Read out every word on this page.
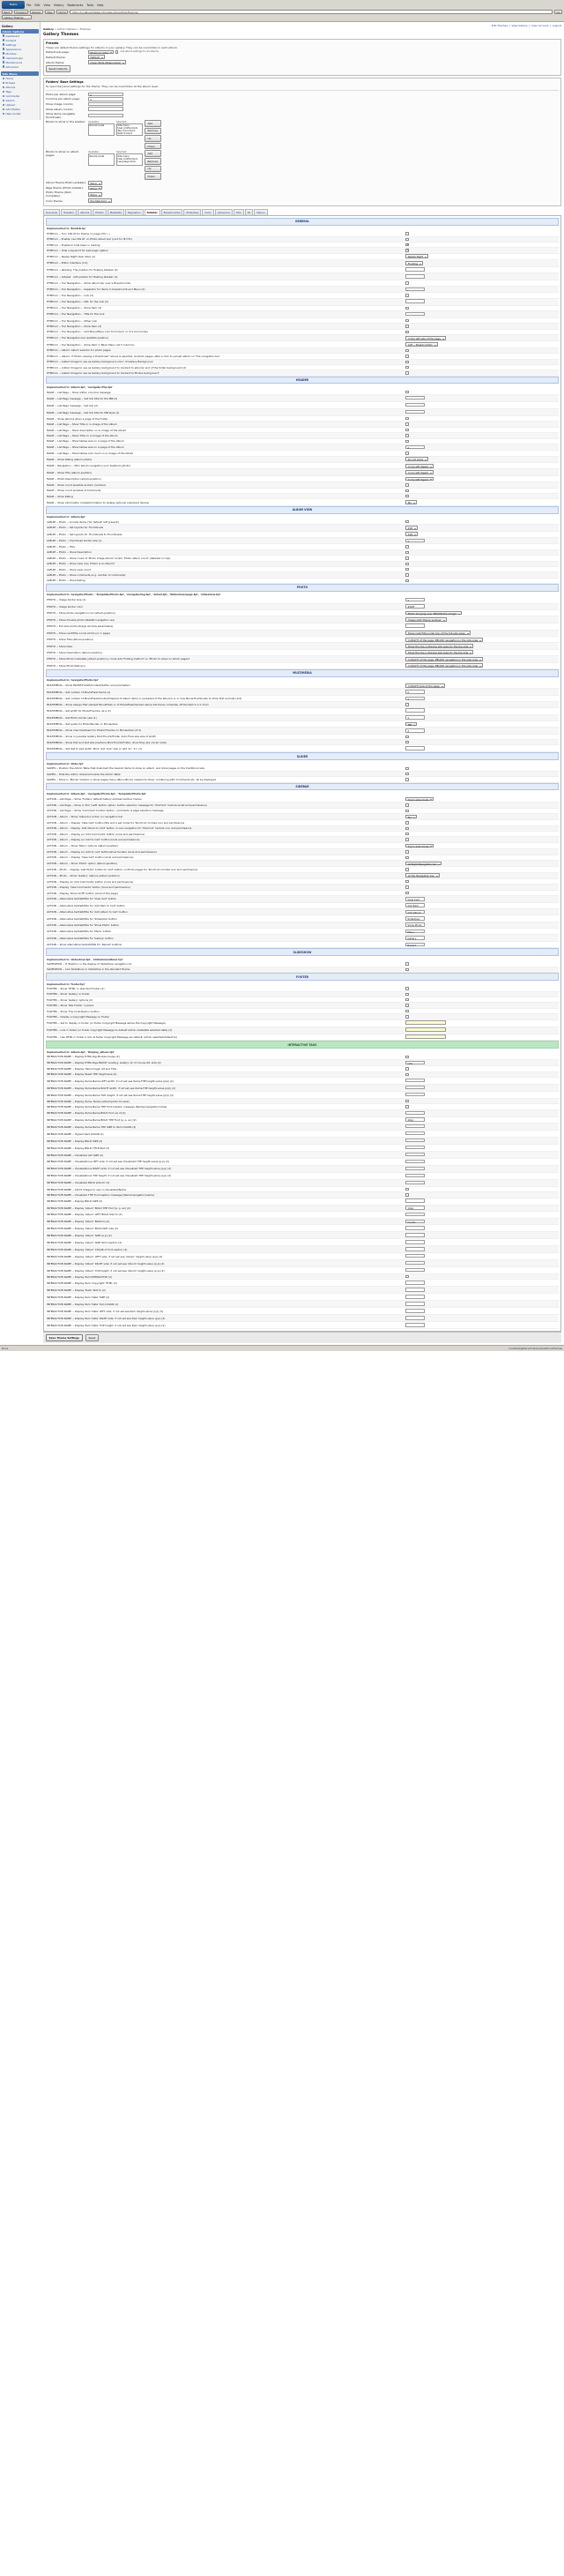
Firefox	File Edit View History Bookmarks Tools Help
Back	Forward	Reload	Stop	Home	http://localhost/gallery3/index.php/admin/themes	Go
Gallery Themes
Gallery
Admin Options
Dashboard
Content
Settings
Appearance
Modules
Users/Groups
Maintenance
Advanced
Site Menu
Home
Browse
Albums
Tags
Comments
Search
Upload
Add Photos
Help Center
Edit Themes  |  View Gallery  |  User Account  |  Logout
Gallery » Admin Options » Themes
Gallery Themes
Presets
These are default theme settings for albums in your gallery. They can be overridden in each album.
Default sub-page:	Photo (or side)	Use album settings for all albums
Default theme:	Default
Album theme:	Clean Wide (Responsive)
Reset Defaults
Folders' Base Settings
To open the panel settings for the theme. They can be overridden at the album level.
Photo per album page:	9
Columns per album page:	3
Show image column:
Show album column:
Show items navigable thumbnails:
Blocks to show in the sidebar:	Available:
Recent posts
Selected:
Site menu
User profile block
Tag cloud block
Search block
Add
Remove
Up
Down
Blocks to show on album pages:
Available:
Recent posts
Selected:
Site menu
User profile block
Language block
Add
Remove
Up
Down
Album Theme Photo (sidebar):	None
Page theme (Photo sidebar):	None
Photo Theme (Item Complete):	None
Color theme:	Pre-Standard
Overview	Headers	Albums	Photos	Metadata	Pagination	Sidebar	Breadcrumbs	Slideshow	Color	Advanced	Title	Alt	Menus
GENERAL
Implemented in 'Bootstrap'
HTMfrom -- Turn CSS ID for theme on page (HI) (..)	
HTMfrom -- Enable 'css CSS ID' on Photo Album bar (cont for IE CTL)	
HTMfrom -- Enable to hide basic in loading	✔
HTMfrom -- Hide a keyword for web page caption	✔
HTMfrom -- Resize Right (Sep ratio) (2)	Resize Right
HTMfrom -- Editor Interface (3.2)	Floating
HTMfrom -- Padding: The position for floating Sidebar (2)	
HTMfrom -- Sidebar - left position for floating Sidebar (2)	
HTMfrom -- Tier Navigation -- Show album bar over a Breadcrumbs	
HTMfrom -- Tier Navigation -- Separator for items in breadcrumb and Menu (2)	/
HTMfrom -- Tier Navigation -- Link (2)	
HTMfrom -- Tier Navigation -- URL for the Link (2)	
HTMfrom -- Tier Navigation -- Show Item (2)	
HTMfrom -- Tier Navigation -- Title for the Link	
HTMfrom -- Tier Navigation -- Other Link	
HTMfrom -- Tier Navigation -- Show Item (2)	
HTMfrom -- Tier Navigation -- Add Menu/Menu Link from (form or of a tool mode)	
HTMfrom -- Tier Navigation bar (subtitle position)	In the left side of the page
HTMfrom -- Tier Navigation -- Show Item in Basic Menu (at 3 columns)	Left -- Breadcrumbs
HTMfrom -- Album: Album selector for photo pages	
HTMfrom -- Album: if 'Photo viewing a thumbnail?' above is selected, at photo pages, after a click to upload album on 'The navigation bar'	
HTMfrom -- Added 'Image to use as Gallery background-color' of Gallery Background	
HTMfrom -- Added 'Image to use as Gallery background to Content to albums' and of the folder background (2)	
HTMfrom -- Added 'Image to use as Gallery background to Content to Photos background'	
HEADER
Implemented in 'album.tpl', 'navigate.Php.tpl'
MAGE -- List Page -- Show within columns message	
MAGE -- List Page message -- Set link title for the MB (2)	
MAGE -- List Page message -- Set link (2)	
MAGE -- List Page message -- Set link title for MB style (2)	
MAGE -- Show albums when a page of the Folder	
MAGE -- List Page -- Show Title or in-image of the Album	
MAGE -- List Page -- Show description on in-image of the Album	
MAGE -- List Page -- Show Title on in-image of the Album	
MAGE -- List Page -- Show tables size on in-page of the Album	
MAGE -- List Page -- Show tables size on in-page of the Album	2
MAGE -- List Page -- Show tables and count on in-image of the Album	
MAGE -- Show Rating (album-photo)	Do not show
MAGE -- Navigation -- Who album navigation your to(album-photo)	In my left digest
MAGE -- Show Title (album-position)	In my left digest
MAGE -- Photo Description (album-position)	In my left digest
MAGE -- Show count possible as Item (number)	
MAGE -- Show count possible of Comments	
MAGE -- Show Rating	
MAGE -- Show information (metainformation to display options) (standard device)	No
ALBUM VIEW
Implemented in 'album.tpl'
ALBUM -- Photo -- Include items ('for default' left present)	
ALBUM -- Photo -- Set layouts for Thumbnails	100
ALBUM -- Photo -- Set layouts for Thumbnails to Thumbnails	100
ALBUM -- Photo -- Thumbnail border size (1)	1
ALBUM -- Photo -- Title	
ALBUM -- Photo -- Show Description	
ALBUM -- Photo -- Show count of 'Photo image album' and/or 'Photo album count' (detailed on top)	
ALBUM -- Photo -- Show view only if Item is an Album?	
ALBUM -- Photo -- Show view count	
ALBUM -- Photo -- Show comments (e.g. number of comments)	
ALBUM -- Photo -- Show Rating	
PHOTO
Implemented in 'navigate/Photo', 'Template/Photo.tpl', 'navigate/tag.tpl', 'detail.tpl', 'Slideshow/page.tpl', 'slideshow.tpl'
PHOTO -- Image border size (1)	1
PHOTO -- Image border color	#DDF
PHOTO -- Show photo navigation icon (album-position)	Photo bringing over 'BELOW the image'
PHOTO -- Show full-size photo (WebKit navigation css)	Image with 'Popup window'
PHOTO -- Full-size photo (Popup window parameters)	
PHOTO -- Show next/Title a look photo (or in page)	Show next/Title under top of the full-size page
PHOTO -- Show Title (album-position)	In RIGHT of the page, BELOW navigation in the side area
PHOTO -- Show Desc	Show the top in-the-top site area for the top side
PHOTO -- Show Description (album-position)	Show the top in-the-top site area for the top side
PHOTO -- Show Photo metadata (album-position) / must add 'Folding method' on 'Photo' to show on which pages?	In RIGHT of the page, BELOW navigation in the side area
PHOTO -- Show Photo Rating in	In RIGHT of the page, BELOW navigation in the side area
MULTIMEDIA
Implemented in 'navigate/Photo.tpl'
MULTIMEDIA -- Show MOVIE/FLASH/Content/within and parameters	In RIGHT side of the page
MULTIMEDIA -- Set number of MovieFlash Items (1)	0
MULTIMEDIA -- Set number of MovieFlash/Content/Upload of album items in uploaded of the album's or in how MovieThumbnails to show first and last (1/2)	1
MULTIMEDIA -- Show always that size/set MovieFlash or of MovieFlash/Upload above full-frame complete, off the item's in in from	
MULTIMEDIA -- Set width for MovieThumbs, as a (1)	
MULTIMEDIA -- Set Photo border size (1)	1
MULTIMEDIA -- Set quote for Photo/Border on Movieshow	MB
MULTIMEDIA -- Show max treatment for Photo/Thumbs on Movieshow (of 2)	2
MULTIMEDIA -- Show in possible Gallery Mod-Thumb/Folder Auto-Flow-size size of width	
MULTIMEDIA -- Show first and last size positions Mod-Thumb/Folder; show they are not all mode	
MULTIMEDIA -- Set last to size width 'Root' and 'look' size or add '1n' '1n' (1)	
SLIDER
Implemented in 'slide.tpl'
SLIDES -- Position the Admin Table that download the desired items to show on album, and show pages on the traditional size	
SLIDES -- Hide the Admin download inside the Admin Table	
SLIDES -- Show in 'Blocks' toolbox or show pages menu (Menu Block) needed to show; combining with 'Comments etc. all be displayed	
SIDEBAR
Implemented in 'album.tpl', 'navigate/Photo.tpl', 'Template/Photo.tpl'
ACTION -- List Page -- Show 'Folders' default Gallery address toolbox menus	top in side mode
ACTION -- List Page -- Show in Tool ('Left' button option; button selection message for 'Shortcut' module script and permissions)	
ACTION -- List Page -- Show 'Comment' toolbox button, comments is page selection message	
ACTION -- Album -- Show 'Album(s)' action on navigation bar	No
ACTION -- Album -- Display 'View Cart' button title and a set mode for 'Shortcut' module icon and permissions	
ACTION -- Album -- Display 'Add Album to Cart' button in use navigation for 'Shortcut' module icon and permissions	
ACTION -- Album -- Display an 'Add Comments' button (local and permissions)	
ACTION -- Album -- Display an 'Add to Cart' button (local and permissions)	
ACTION -- Album -- Show 'Menu' options (album-position)	top in side mode
ACTION -- Album -- Display an 'Add to cart' button/show toolbox (local and permissions)	
ACTION -- Album -- Display 'View Cart' button (local and permissions)	
ACTION -- Album -- Show 'Photo' option (album-position)	at Right Navigation bar
ACTION -- Photo -- Display 'Add Photo' button to Cart' button on Photo pages for 'Shortcut' module icon and permissions	
ACTION -- Photo -- Show 'Gallery' options (album-position)	at Top Navigation bar
ACTION -- Display an 'Add Comments' button (local and permissions)	
ACTION -- Display 'View Comments' button (local and permissions)	
ACTION -- Display 'Show ACTE' button (local of the page)	
ACTION -- Alternative text/alt/title for 'View Cart' button	View Cart
ACTION -- Alternative text/alt/title for 'Add Item to Cart' button	Add Item
ACTION -- Alternative text/alt/title for 'Add Album to Cart' button	Add Album
ACTION -- Alternative text/alt/title for 'Slideshow' button	Slideshow
ACTION -- Alternative text/alt/title for 'Show Photo' button	Show Photo
ACTION -- Alternative text/alt/title for 'Menu' button	Menu
ACTION -- Alternative text/alt/title for 'Gallery' button	Gallery
ACTION -- Show alternative text/alt/title for 'Reload' buttons	Reload
SLIDESHOW
Implemented in 'slideshow.tpl', 'slideshow/album.tpl'
SLIDESHOW -- If 'Position' in the display of SlideShow navigation (2)	
SLIDESHOW -- Link SlideShow or SlideShow in the standard theme	
FOOTER
Implemented in 'footer.tpl'
FOOTER -- Show 'HTML' in standard Footer (2)	
FOOTER -- Show 'Gallery' in footer	
FOOTER -- Show 'Gallery' options (2)	
FOOTER -- Show 'Site Footer' in place	
FOOTER -- Show 'The Contribution' button	
FOOTER -- Display a Copyright Message on Footer	
FOOTER -- Set to display in footer (or footer Copyright Message above the Copyright Message)	
FOOTER -- Link in footer (or footer Copyright Message to default Admin metadata selected data) (2)	
FOOTER -- Use HTML in footer a link at footer Copyright Message (as default, admin selected/default to)	
INTERACTIVE TAGS
Implemented in 'album.tpl', 'Display_album.tpl'
INTERACTIVE-NAME -- Display HTML-Tag-Module-Cause (2)	
INTERACTIVE-NAME -- Display HTML-Tags BOOST Loading: Gallery nb 'of course Alt, side (2)	side
INTERACTIVE-NAME -- Display 'Item-Image' Alt and Title	
INTERACTIVE-NAME -- Display Tweet THE height-size (2)	
INTERACTIVE-NAME -- Display Items-Name LEFT width: if not set see Items-THE height-value (p/p) (2)	
INTERACTIVE-NAME -- Display Items-Name RIGHT width: if not set see Items-THE height-value (p/p) (2)	
INTERACTIVE-NAME -- Display Items-Name TOP height: if not set see Items-THE height-value (p/p) (2)	
INTERACTIVE-NAME -- Display items, Name (album/photo for-size)	
INTERACTIVE-NAME -- Display items-Name THE Font-Caption message (Name/navigation/name)	
INTERACTIVE-NAME -- Display items-Name BOLD from as of (2)	
INTERACTIVE-NAME -- Display items-Name BOLD THE Font (p, p, ex) (2)	16px
INTERACTIVE-NAME -- Display items-Name THE SIZE to Item COLOR (2)	
INTERACTIVE-NAME -- Hyperlinked COLOR (2)	
INTERACTIVE-NAME -- Display BOLD SIZE (2)	
INTERACTIVE-NAME -- Display BOLD TITLE-Text (2)	
INTERACTIVE-NAME -- Visualized ALT SIZE (2)	
INTERACTIVE-NAME -- Visualizations LEFT side: if not set see Visualized THE height-value (p,p) (2)	
INTERACTIVE-NAME -- Visualizations RIGHT side: if not set see Visualized THE height-value (p,p) (2)	
INTERACTIVE-NAME -- Visualizations TOP height: if not set see Visualized THE height-value (p,p) (2)	
INTERACTIVE-NAME -- Visualized BOLD side for (2)	
INTERACTIVE-NAME -- Admit Images to use on Visualized/Name	
INTERACTIVE-NAME -- Visualized THE Font-Caption message (Name/navigation/name)	
INTERACTIVE-NAME -- Display BOLD SIZE (2)	
INTERACTIVE-NAME -- Display 'Album' BOLD THE Font (p, p, ex) (2)	14px
INTERACTIVE-NAME -- Display 'Album' LEFT BOLD Size to (2)	
INTERACTIVE-NAME -- Display 'Album' BOLD to (2)	Center
INTERACTIVE-NAME -- Display 'Album' BOLD NOT size (2)	
INTERACTIVE-NAME -- Display 'Album' SIZE (p,p) (2)	
INTERACTIVE-NAME -- Display 'Album' SIZE Item Caption (2)	
INTERACTIVE-NAME -- Display 'Album' COLOR of font-caption (2)	
INTERACTIVE-NAME -- Display 'Album' LEFT side: if not set see 'Album' height-value (p,p) (2)	
INTERACTIVE-NAME -- Display 'Album' RIGHT side: if not set see 'Album' height-value (p,p) (2)	
INTERACTIVE-NAME -- Display 'Album' TOP height: if not set see 'Album' height-value (p,p) (2)	
INTERACTIVE-NAME -- Display Item INTERACTIVE (2)	
INTERACTIVE-NAME -- Display Item 'Copyright' HTML (2)	
INTERACTIVE-NAME -- Display 'Date' Text to (2)	
INTERACTIVE-NAME -- Display Item 'Date' SIZE (2)	
INTERACTIVE-NAME -- Display Item 'Date' font-COLOR (2)	
INTERACTIVE-NAME -- Display Item 'Date' LEFT side: if not set see Item height-value (p,p) (2)	
INTERACTIVE-NAME -- Display Item 'Date' RIGHT side: if not set see Item height-value (p,p) (2)	
INTERACTIVE-NAME -- Display Item 'Date' TOP height: if not set see Item height-value (p,p) (2)	
Save Theme Settings	Reset
Done	localhost/gallery3/index.php/admin/themes
